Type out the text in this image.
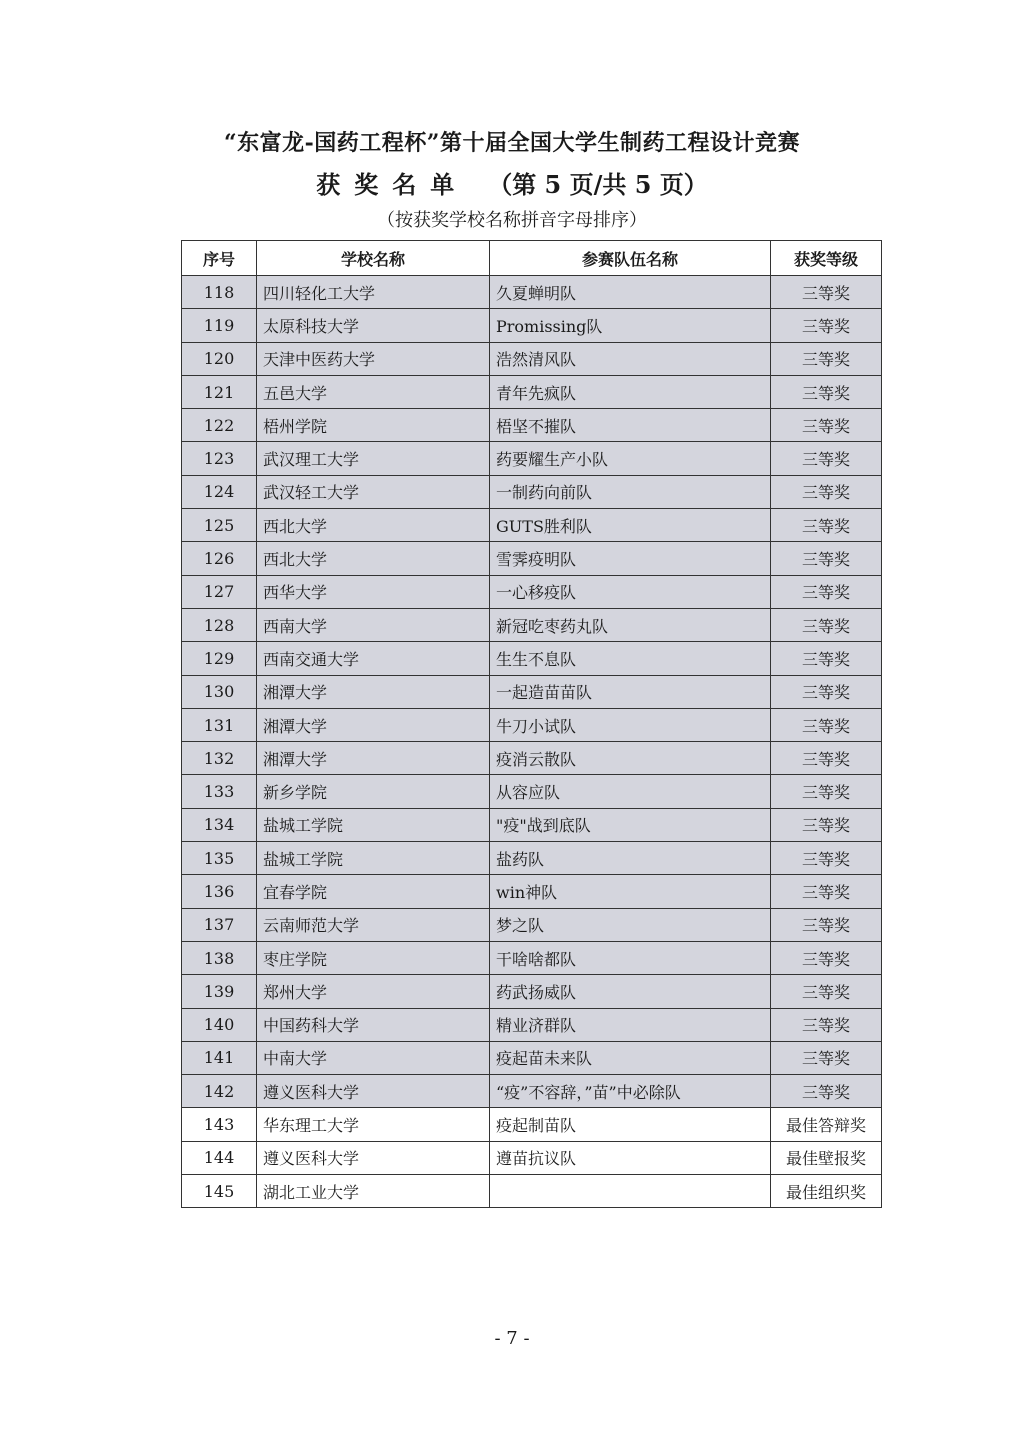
“东富龙-国药工程杯”第十届全国大学生制药工程设计竞赛
获奖名单 （第 5 页/共 5 页）
（按获奖学校名称拼音字母排序）
序号	学校名称	参赛队伍名称	获奖等级
118	四川轻化工大学	久夏蝉明队	三等奖
119	太原科技大学	Promissing队	三等奖
120	天津中医药大学	浩然清风队	三等奖
121	五邑大学	青年先疯队	三等奖
122	梧州学院	梧坚不摧队	三等奖
123	武汉理工大学	药要耀生产小队	三等奖
124	武汉轻工大学	一制药向前队	三等奖
125	西北大学	GUTS胜利队	三等奖
126	西北大学	雪霁疫明队	三等奖
127	西华大学	一心移疫队	三等奖
128	西南大学	新冠吃枣药丸队	三等奖
129	西南交通大学	生生不息队	三等奖
130	湘潭大学	一起造苗苗队	三等奖
131	湘潭大学	牛刀小试队	三等奖
132	湘潭大学	疫消云散队	三等奖
133	新乡学院	从容应队	三等奖
134	盐城工学院	"疫"战到底队	三等奖
135	盐城工学院	盐药队	三等奖
136	宜春学院	win神队	三等奖
137	云南师范大学	梦之队	三等奖
138	枣庄学院	干啥啥都队	三等奖
139	郑州大学	药武扬威队	三等奖
140	中国药科大学	精业济群队	三等奖
141	中南大学	疫起苗未来队	三等奖
142	遵义医科大学	“疫”不容辞，”苗”中必除队	三等奖
143	华东理工大学	疫起制苗队	最佳答辩奖
144	遵义医科大学	遵苗抗议队	最佳壁报奖
145	湖北工业大学		最佳组织奖
- 7 -
